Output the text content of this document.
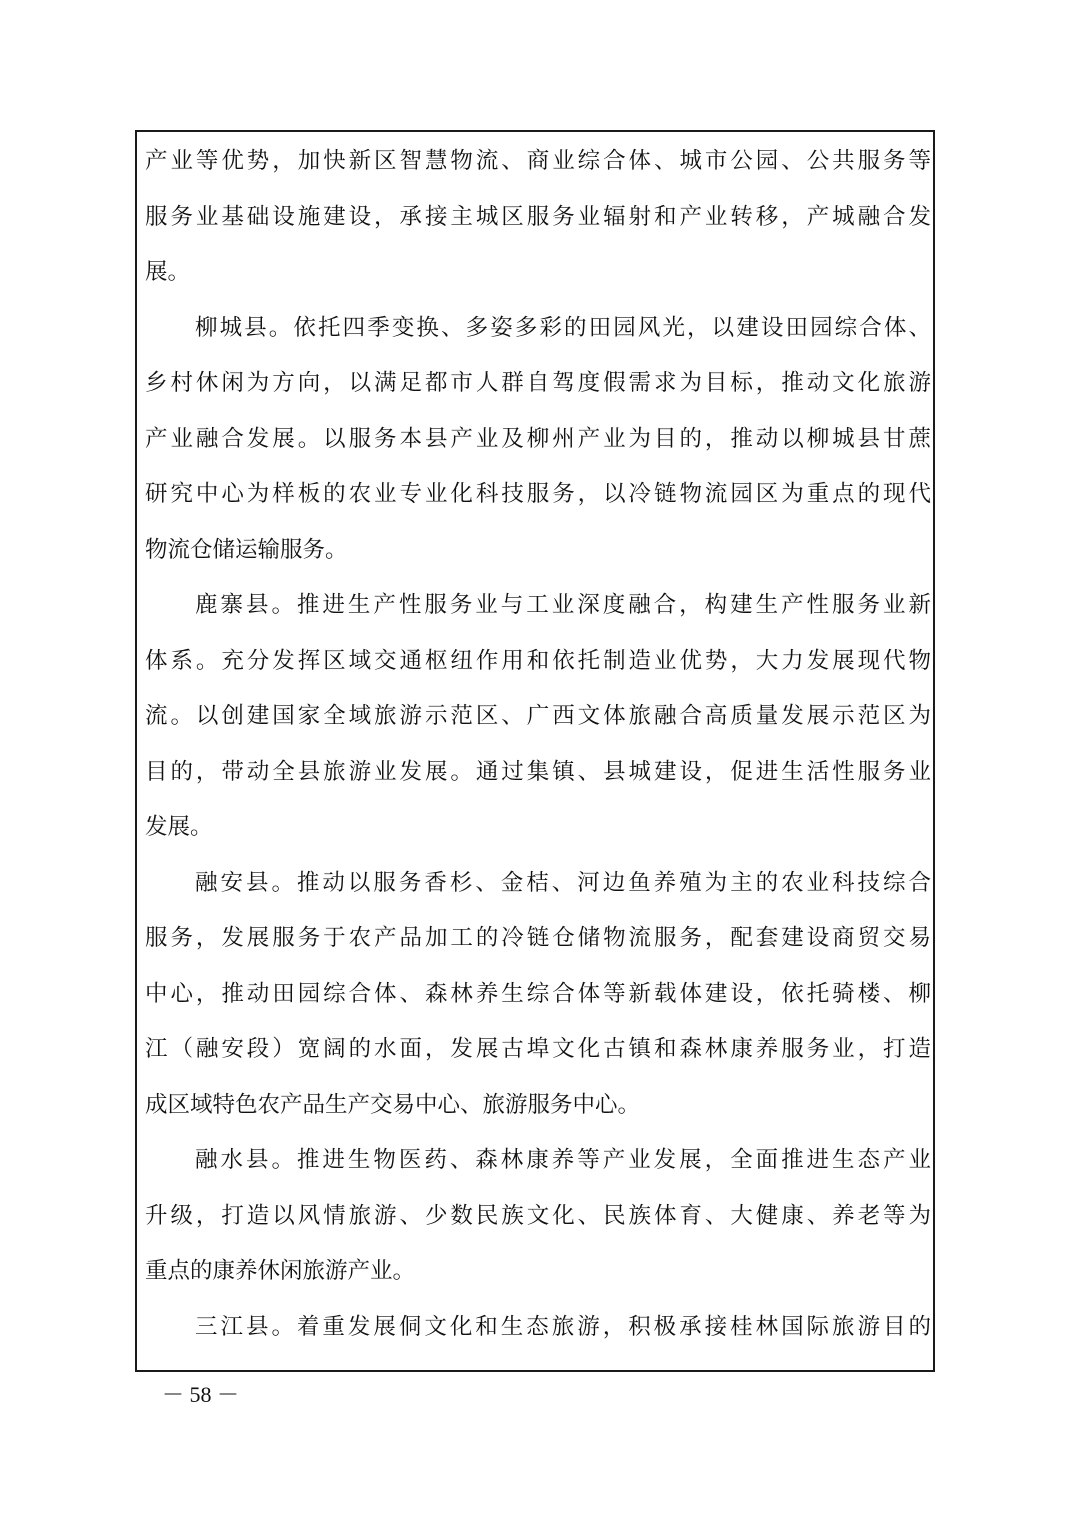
产业等优势，加快新区智慧物流、商业综合体、城市公园、公共服务等
服务业基础设施建设，承接主城区服务业辐射和产业转移，产城融合发
展。
柳城县。依托四季变换、多姿多彩的田园风光，以建设田园综合体、
乡村休闲为方向，以满足都市人群自驾度假需求为目标，推动文化旅游
产业融合发展。以服务本县产业及柳州产业为目的，推动以柳城县甘蔗
研究中心为样板的农业专业化科技服务，以冷链物流园区为重点的现代
物流仓储运输服务。
鹿寨县。推进生产性服务业与工业深度融合，构建生产性服务业新
体系。充分发挥区域交通枢纽作用和依托制造业优势，大力发展现代物
流。以创建国家全域旅游示范区、广西文体旅融合高质量发展示范区为
目的，带动全县旅游业发展。通过集镇、县城建设，促进生活性服务业
发展。
融安县。推动以服务香杉、金桔、河边鱼养殖为主的农业科技综合
服务，发展服务于农产品加工的冷链仓储物流服务，配套建设商贸交易
中心，推动田园综合体、森林养生综合体等新载体建设，依托骑楼、柳
江（融安段）宽阔的水面，发展古埠文化古镇和森林康养服务业，打造
成区域特色农产品生产交易中心、旅游服务中心。
融水县。推进生物医药、森林康养等产业发展，全面推进生态产业
升级，打造以风情旅游、少数民族文化、民族体育、大健康、养老等为
重点的康养休闲旅游产业。
三江县。着重发展侗文化和生态旅游，积极承接桂林国际旅游目的
－ 58 －
